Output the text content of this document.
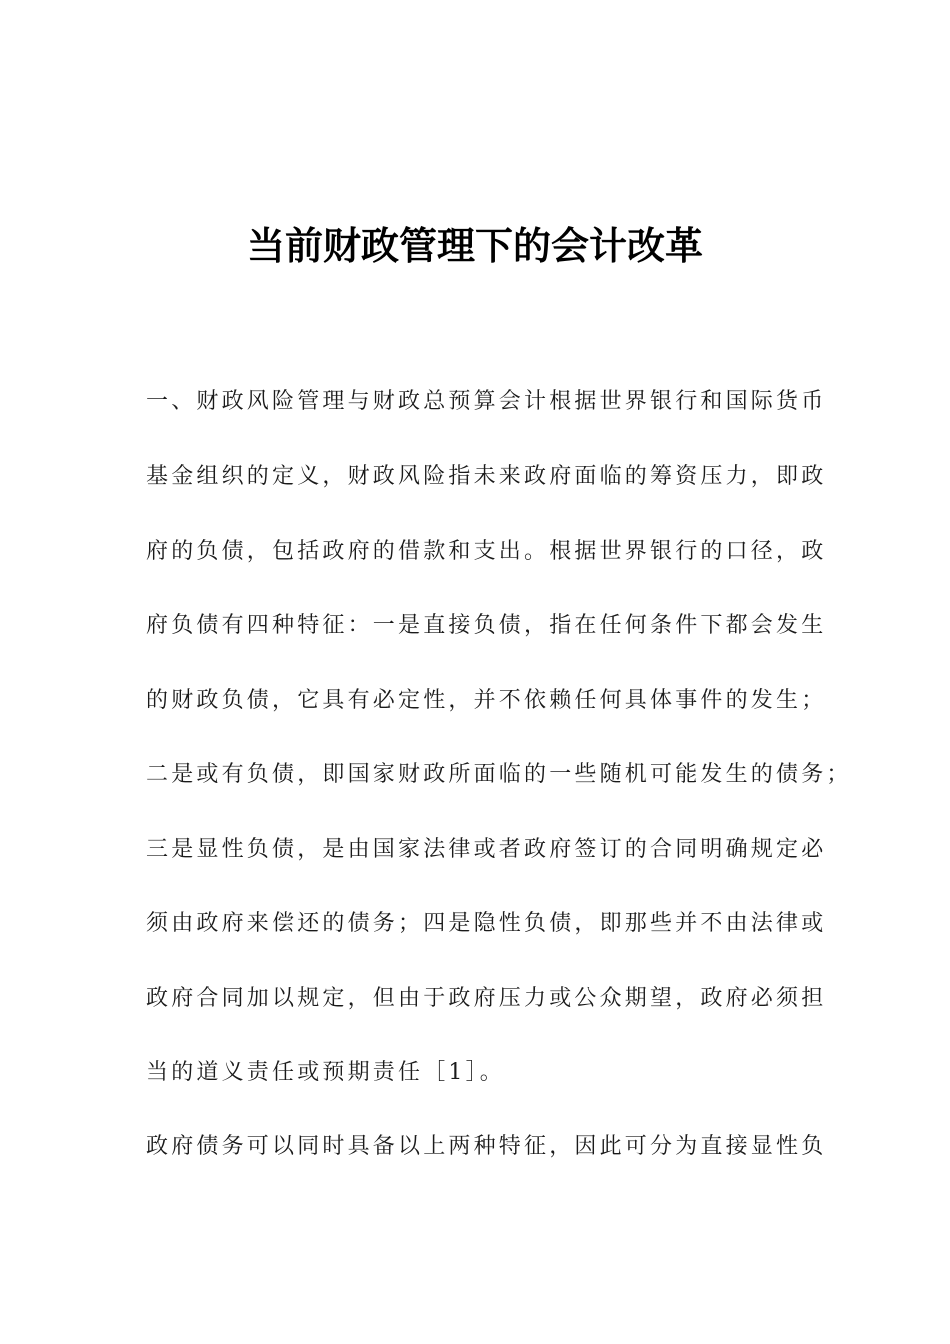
当前财政管理下的会计改革

一、财政风险管理与财政总预算会计根据世界银行和国际货币

基金组织的定义，财政风险指未来政府面临的筹资压力，即政

府的负债，包括政府的借款和支出。根据世界银行的口径，政

府负债有四种特征：一是直接负债，指在任何条件下都会发生

的财政负债，它具有必定性，并不依赖任何具体事件的发生；

二是或有负债，即国家财政所面临的一些随机可能发生的债务；

三是显性负债，是由国家法律或者政府签订的合同明确规定必

须由政府来偿还的债务；四是隐性负债，即那些并不由法律或

政府合同加以规定，但由于政府压力或公众期望，政府必须担

当的道义责任或预期责任［1］。

政府债务可以同时具备以上两种特征，因此可分为直接显性负
